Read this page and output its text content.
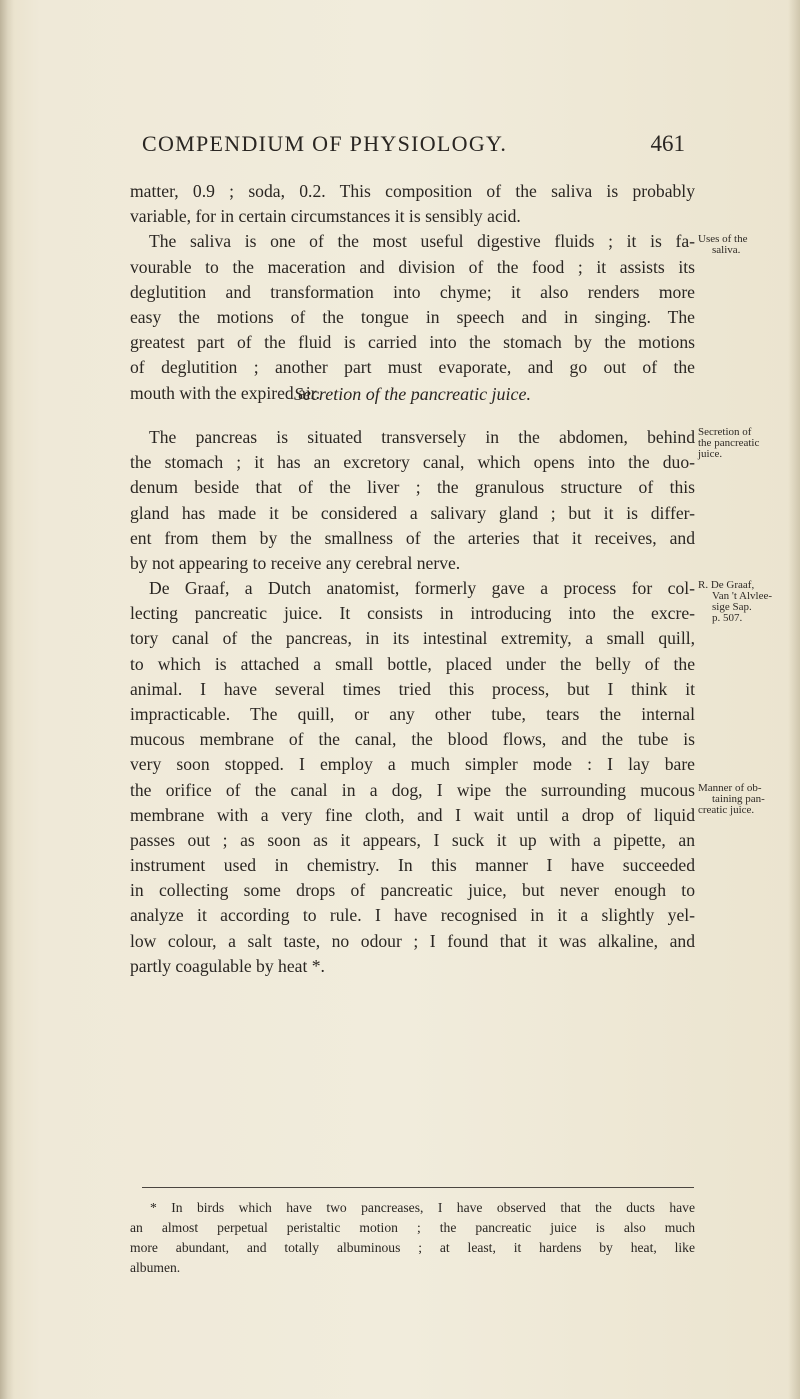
COMPENDIUM OF PHYSIOLOGY.	461
matter, 0.9 ; soda, 0.2. This composition of the saliva is probably
variable, for in certain circumstances it is sensibly acid.
The saliva is one of the most useful digestive fluids ; it is fa-
vourable to the maceration and division of the food ; it assists its
deglutition and transformation into chyme; it also renders more
easy the motions of the tongue in speech and in singing. The
greatest part of the fluid is carried into the stomach by the motions
of deglutition ; another part must evaporate, and go out of the
mouth with the expired air.
Secretion of the pancreatic juice.
The pancreas is situated transversely in the abdomen, behind
the stomach ; it has an excretory canal, which opens into the duo-
denum beside that of the liver ; the granulous structure of this
gland has made it be considered a salivary gland ; but it is differ-
ent from them by the smallness of the arteries that it receives, and
by not appearing to receive any cerebral nerve.
De Graaf, a Dutch anatomist, formerly gave a process for col-
lecting pancreatic juice. It consists in introducing into the excre-
tory canal of the pancreas, in its intestinal extremity, a small quill,
to which is attached a small bottle, placed under the belly of the
animal. I have several times tried this process, but I think it
impracticable. The quill, or any other tube, tears the internal
mucous membrane of the canal, the blood flows, and the tube is
very soon stopped. I employ a much simpler mode : I lay bare
the orifice of the canal in a dog, I wipe the surrounding mucous
membrane with a very fine cloth, and I wait until a drop of liquid
passes out ; as soon as it appears, I suck it up with a pipette, an
instrument used in chemistry. In this manner I have succeeded
in collecting some drops of pancreatic juice, but never enough to
analyze it according to rule. I have recognised in it a slightly yel-
low colour, a salt taste, no odour ; I found that it was alkaline, and
partly coagulable by heat *.
Uses of the
saliva.
Secretion of
the pancreatic
juice.
R. De Graaf,
Van 't Alvlee-
sige Sap.
p. 507.
Manner of ob-
taining pan-
creatic juice.
* In birds which have two pancreases, I have observed that the ducts have
an almost perpetual peristaltic motion ; the pancreatic juice is also much
more abundant, and totally albuminous ; at least, it hardens by heat, like
albumen.
